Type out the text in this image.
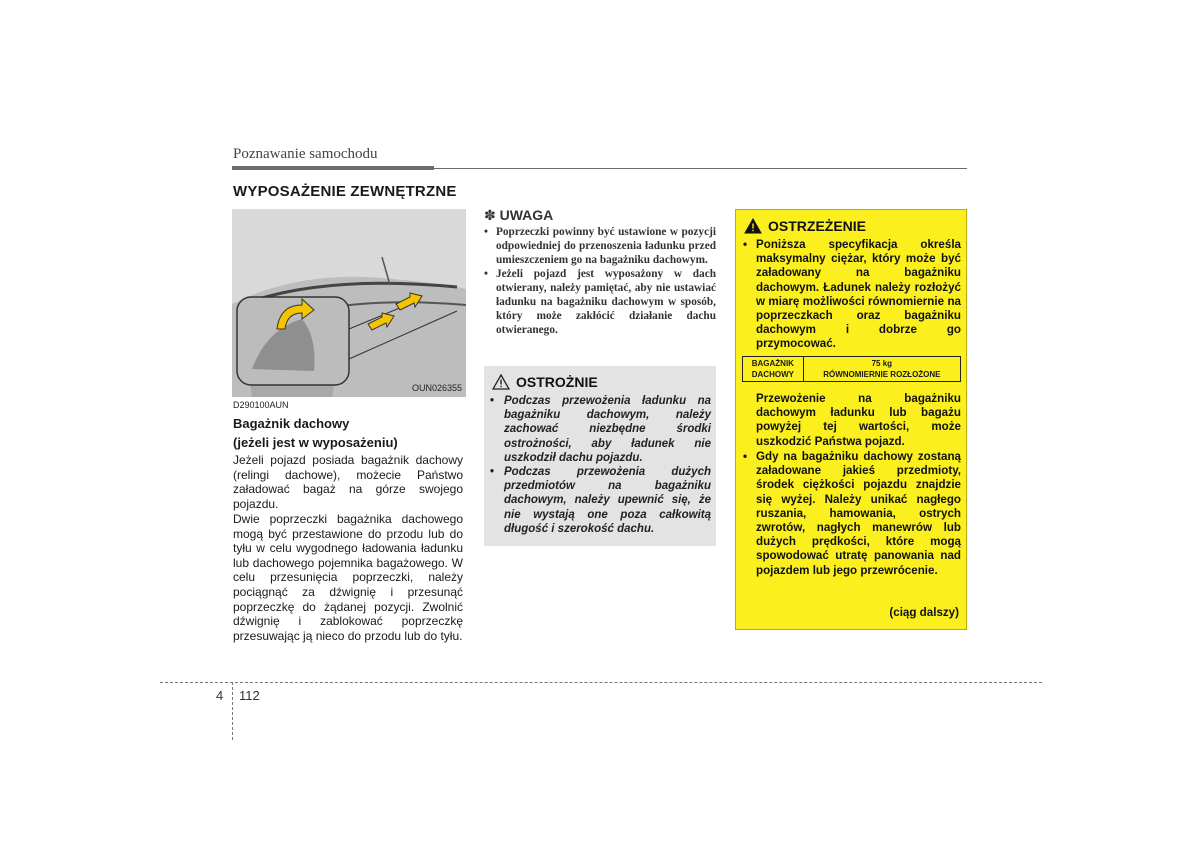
Poznawanie samochodu
WYPOSAŻENIE ZEWNĘTRZNE
OUN026355
D290100AUN
Bagażnik dachowy
(jeżeli jest w wyposażeniu)
Jeżeli pojazd posiada bagażnik dachowy (relingi dachowe), możecie Państwo załadować bagaż na górze swojego pojazdu.
Dwie poprzeczki bagażnika dachowego mogą być przestawione do przodu lub do tyłu w celu wygodnego ładowania ładunku lub dachowego pojemnika bagażowego. W celu przesunięcia poprzeczki, należy pociągnąć za dźwignię i przesunąć poprzeczkę do żądanej pozycji. Zwolnić dźwignię i zablokować poprzeczkę przesuwając ją nieco do przodu lub do tyłu.
✽ UWAGA
• Poprzeczki powinny być ustawione w pozycji odpowiedniej do przenoszenia ładunku przed umieszczeniem go na bagażniku dachowym.
• Jeżeli pojazd jest wyposażony w dach otwierany, należy pamiętać, aby nie ustawiać ładunku na bagażniku dachowym w sposób, który może zakłócić działanie dachu otwieranego.
OSTROŻNIE
• Podczas przewożenia ładunku na bagażniku dachowym, należy zachować niezbędne środki ostrożności, aby ładunek nie uszkodził dachu pojazdu.
• Podczas przewożenia dużych przedmiotów na bagażniku dachowym, należy upewnić się, że nie wystają one poza całkowitą długość i szerokość dachu.
OSTRZEŻENIE
• Poniższa specyfikacja określa maksymalny ciężar, który może być załadowany na bagażniku dachowym. Ładunek należy rozłożyć w miarę możliwości równomiernie na poprzeczkach oraz bagażniku dachowym i dobrze go przymocować.
BAGAŻNIK
DACHOWY

75 kg
RÓWNOMIERNIE ROZŁOŻONE
Przewożenie na bagażniku dachowym ładunku lub bagażu powyżej tej wartości, może uszkodzić Państwa pojazd.
• Gdy na bagażniku dachowy zostaną załadowane jakieś przedmioty, środek ciężkości pojazdu znajdzie się wyżej. Należy unikać nagłego ruszania, hamowania, ostrych zwrotów, nagłych manewrów lub dużych prędkości, które mogą spowodować utratę panowania nad pojazdem lub jego przewrócenie.
(ciąg dalszy)
4 112
